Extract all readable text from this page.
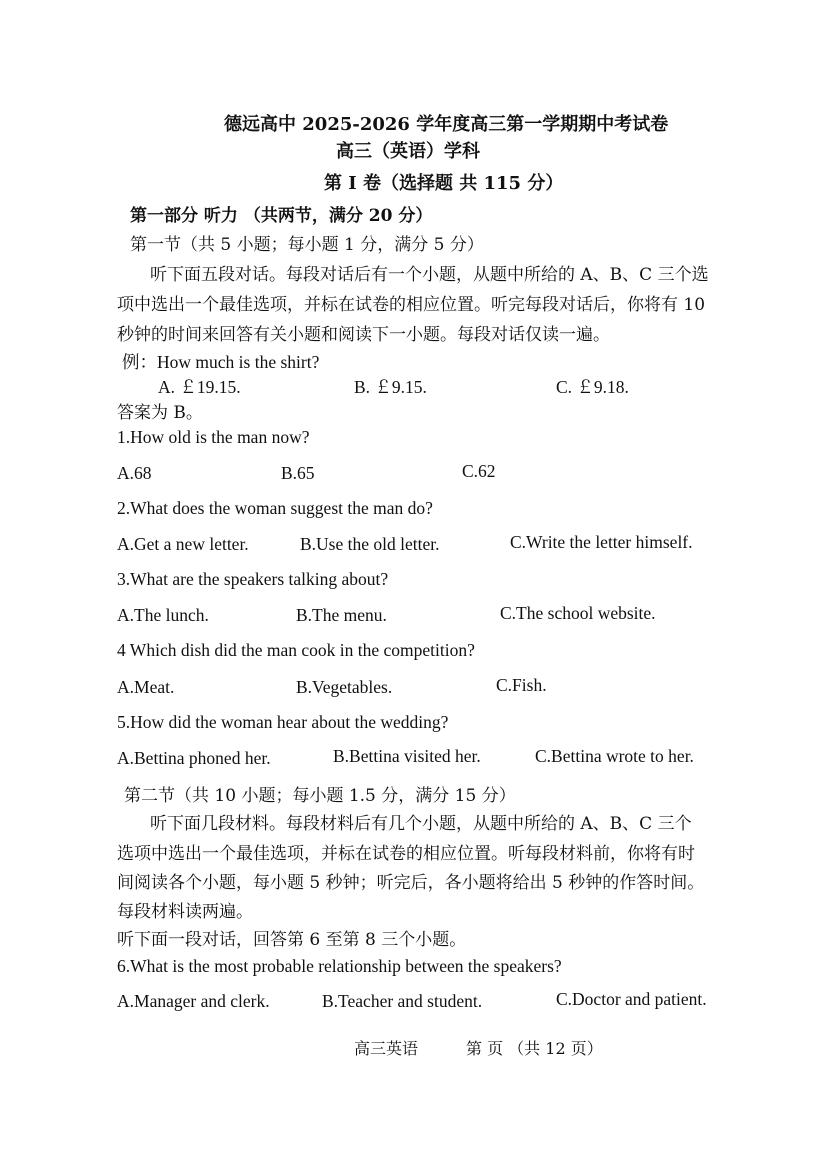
德远高中 2025-2026 学年度高三第一学期期中考试卷
高三（英语）学科
第 I 卷（选择题 共 115 分）
第一部分 听力 （共两节，满分 20 分）
第一节（共 5 小题；每小题 1 分，满分 5 分）
听下面五段对话。每段对话后有一个小题，从题中所给的 A、B、C 三个选
项中选出一个最佳选项，并标在试卷的相应位置。听完每段对话后，你将有 10
秒钟的时间来回答有关小题和阅读下一小题。每段对话仅读一遍。
例：How much is the shirt?
A. ￡19.15.	B. ￡9.15.	C. ￡9.18.
答案为 B。
1.How old is the man now?
A.68	B.65	C.62
2.What does the woman suggest the man do?
A.Get a new letter.	B.Use the old letter.	C.Write the letter himself.
3.What are the speakers talking about?
A.The lunch.	B.The menu.	C.The school website.
4 Which dish did the man cook in the competition?
A.Meat.	B.Vegetables.	C.Fish.
5.How did the woman hear about the wedding?
A.Bettina phoned her.	B.Bettina visited her.	C.Bettina wrote to her.
第二节（共 10 小题；每小题 1.5 分，满分 15 分）
听下面几段材料。每段材料后有几个小题，从题中所给的 A、B、C 三个
选项中选出一个最佳选项，并标在试卷的相应位置。听每段材料前，你将有时
间阅读各个小题，每小题 5 秒钟；听完后，各小题将给出 5 秒钟的作答时间。
每段材料读两遍。
听下面一段对话，回答第 6 至第 8 三个小题。
6.What is the most probable relationship between the speakers?
A.Manager and clerk.	B.Teacher and student.	C.Doctor and patient.
高三英语	第 页 （共 12 页）
